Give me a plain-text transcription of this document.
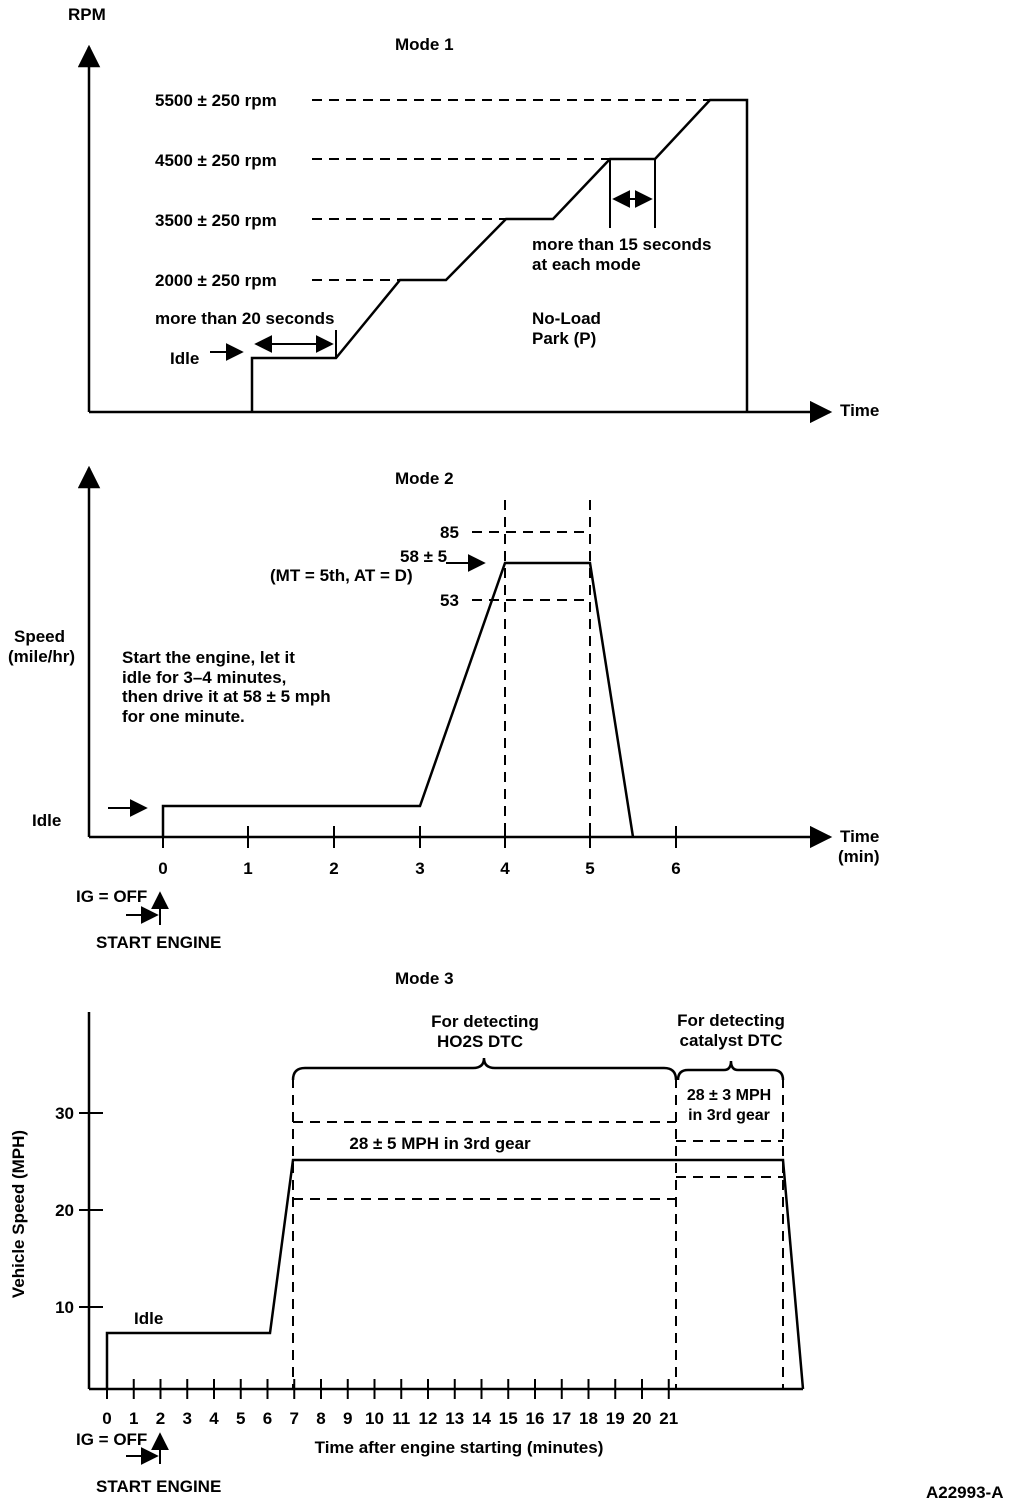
RPM
Mode 1
5500 ± 250 rpm
4500 ± 250 rpm
3500 ± 250 rpm
2000 ± 250 rpm
more than 20 seconds
Idle
more than 15 seconds
at each mode
No-Load
Park (P)
Time
Mode 2
85
58 ± 5
(MT = 5th, AT = D)
53
Speed
(mile/hr)	Start the engine, let it
idle for 3–4 minutes,
then drive it at 58 ± 5 mph
for one minute.
Idle
0	1	2	3	4	5	6
Time
(min)
IG = OFF
START ENGINE
Mode 3
For detecting
HO2S DTC
For detecting
catalyst DTC
28 ± 3 MPH
in 3rd gear
28 ± 5 MPH in 3rd gear
Idle
30
20
10
Vehicle Speed (MPH)
0 1 2 3 4 5 6 7 8 9 10 11 12 13 14 15 16 17 18 19 20 21
Time after engine starting (minutes)
IG = OFF
START ENGINE	A22993-A
